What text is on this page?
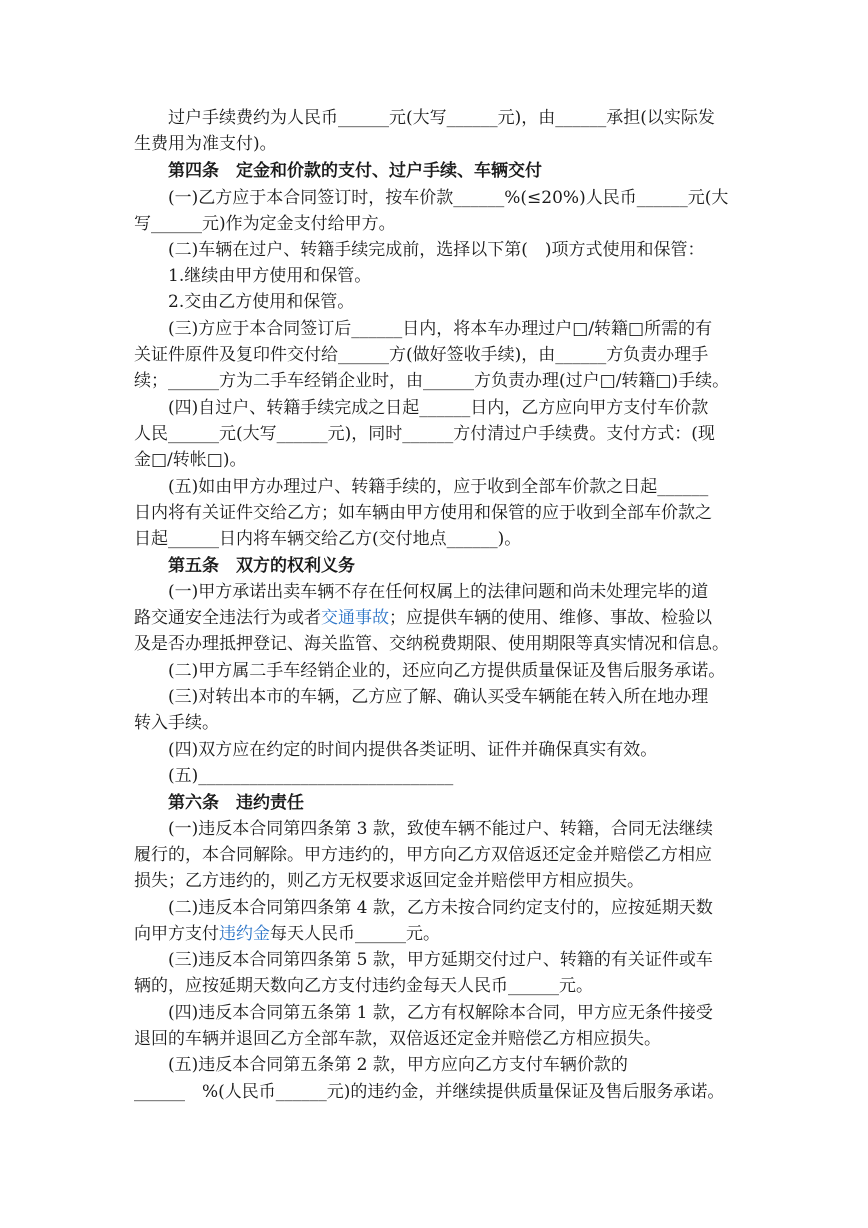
过户手续费约为人民币______元(大写______元)，由______承担(以实际发
生费用为准支付)。
第四条　定金和价款的支付、过户手续、车辆交付
(一)乙方应于本合同签订时，按车价款______%(≤20%)人民币______元(大
写______元)作为定金支付给甲方。
(二)车辆在过户、转籍手续完成前，选择以下第(　)项方式使用和保管：
1.继续由甲方使用和保管。
2.交由乙方使用和保管。
(三)方应于本合同签订后______日内，将本车办理过户□/转籍□所需的有
关证件原件及复印件交付给______方(做好签收手续)，由______方负责办理手
续；______方为二手车经销企业时，由______方负责办理(过户□/转籍□)手续。
(四)自过户、转籍手续完成之日起______日内，乙方应向甲方支付车价款
人民______元(大写______元)，同时______方付清过户手续费。支付方式：(现
金□/转帐□)。
(五)如由甲方办理过户、转籍手续的，应于收到全部车价款之日起______
日内将有关证件交给乙方；如车辆由甲方使用和保管的应于收到全部车价款之
日起______日内将车辆交给乙方(交付地点______)。
第五条　双方的权利义务
(一)甲方承诺出卖车辆不存在任何权属上的法律问题和尚未处理完毕的道
路交通安全违法行为或者交通事故；应提供车辆的使用、维修、事故、检验以
及是否办理抵押登记、海关监管、交纳税费期限、使用期限等真实情况和信息。
(二)甲方属二手车经销企业的，还应向乙方提供质量保证及售后服务承诺。
(三)对转出本市的车辆，乙方应了解、确认买受车辆能在转入所在地办理
转入手续。
(四)双方应在约定的时间内提供各类证明、证件并确保真实有效。
(五)______________________________
第六条　违约责任
(一)违反本合同第四条第 3 款，致使车辆不能过户、转籍，合同无法继续
履行的，本合同解除。甲方违约的，甲方向乙方双倍返还定金并赔偿乙方相应
损失；乙方违约的，则乙方无权要求返回定金并赔偿甲方相应损失。
(二)违反本合同第四条第 4 款，乙方未按合同约定支付的，应按延期天数
向甲方支付违约金每天人民币______元。
(三)违反本合同第四条第 5 款，甲方延期交付过户、转籍的有关证件或车
辆的，应按延期天数向乙方支付违约金每天人民币______元。
(四)违反本合同第五条第 1 款，乙方有权解除本合同，甲方应无条件接受
退回的车辆并退回乙方全部车款，双倍返还定金并赔偿乙方相应损失。
(五)违反本合同第五条第 2 款，甲方应向乙方支付车辆价款的
______　%(人民币______元)的违约金，并继续提供质量保证及售后服务承诺。
